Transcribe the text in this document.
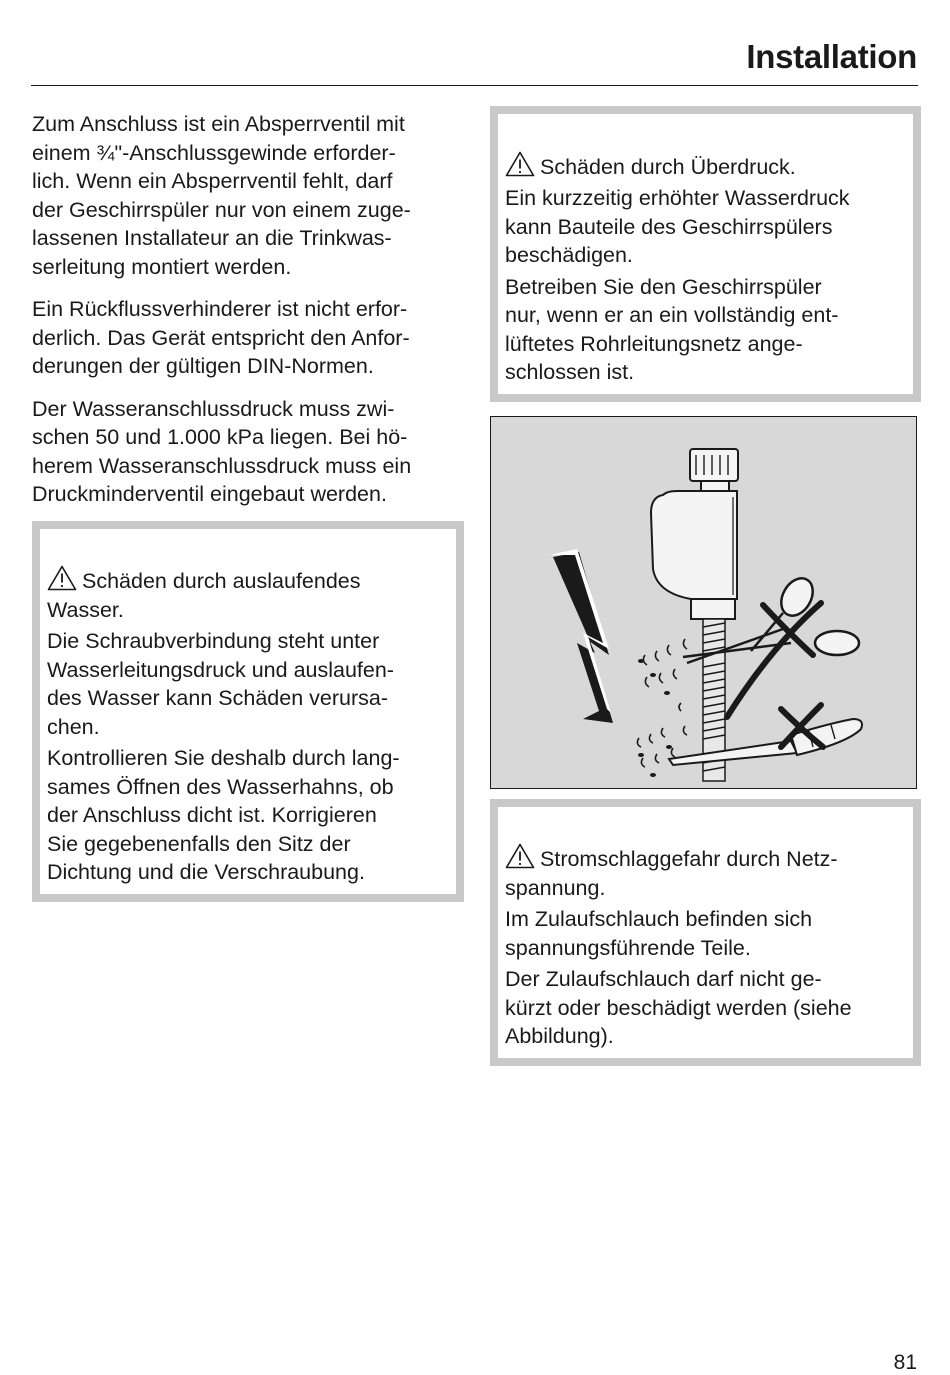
Installation

Zum Anschluss ist ein Absperrventil mit
einem ¾"-Anschlussgewinde erforder-
lich. Wenn ein Absperrventil fehlt, darf
der Geschirrspüler nur von einem zuge-
lassenen Installateur an die Trinkwas-
serleitung montiert werden.

Ein Rückflussverhinderer ist nicht erfor-
derlich. Das Gerät entspricht den Anfor-
derungen der gültigen DIN-Normen.

Der Wasseranschlussdruck muss zwi-
schen 50 und 1.000 kPa liegen. Bei hö-
herem Wasseranschlussdruck muss ein
Druckminderventil eingebaut werden.

Schäden durch auslaufendes
Wasser.

Die Schraubverbindung steht unter
Wasserleitungsdruck und auslaufen-
des Wasser kann Schäden verursa-
chen.
Kontrollieren Sie deshalb durch lang-
sames Öffnen des Wasserhahns, ob
der Anschluss dicht ist. Korrigieren
Sie gegebenenfalls den Sitz der
Dichtung und die Verschraubung.

Schäden durch Überdruck.

Ein kurzzeitig erhöhter Wasserdruck
kann Bauteile des Geschirrspülers
beschädigen.
Betreiben Sie den Geschirrspüler
nur, wenn er an ein vollständig ent-
lüftetes Rohrleitungsnetz ange-
schlossen ist.

Stromschlaggefahr durch Netz-
spannung.

Im Zulaufschlauch befinden sich
spannungsführende Teile.
Der Zulaufschlauch darf nicht ge-
kürzt oder beschädigt werden (siehe
Abbildung).
81
